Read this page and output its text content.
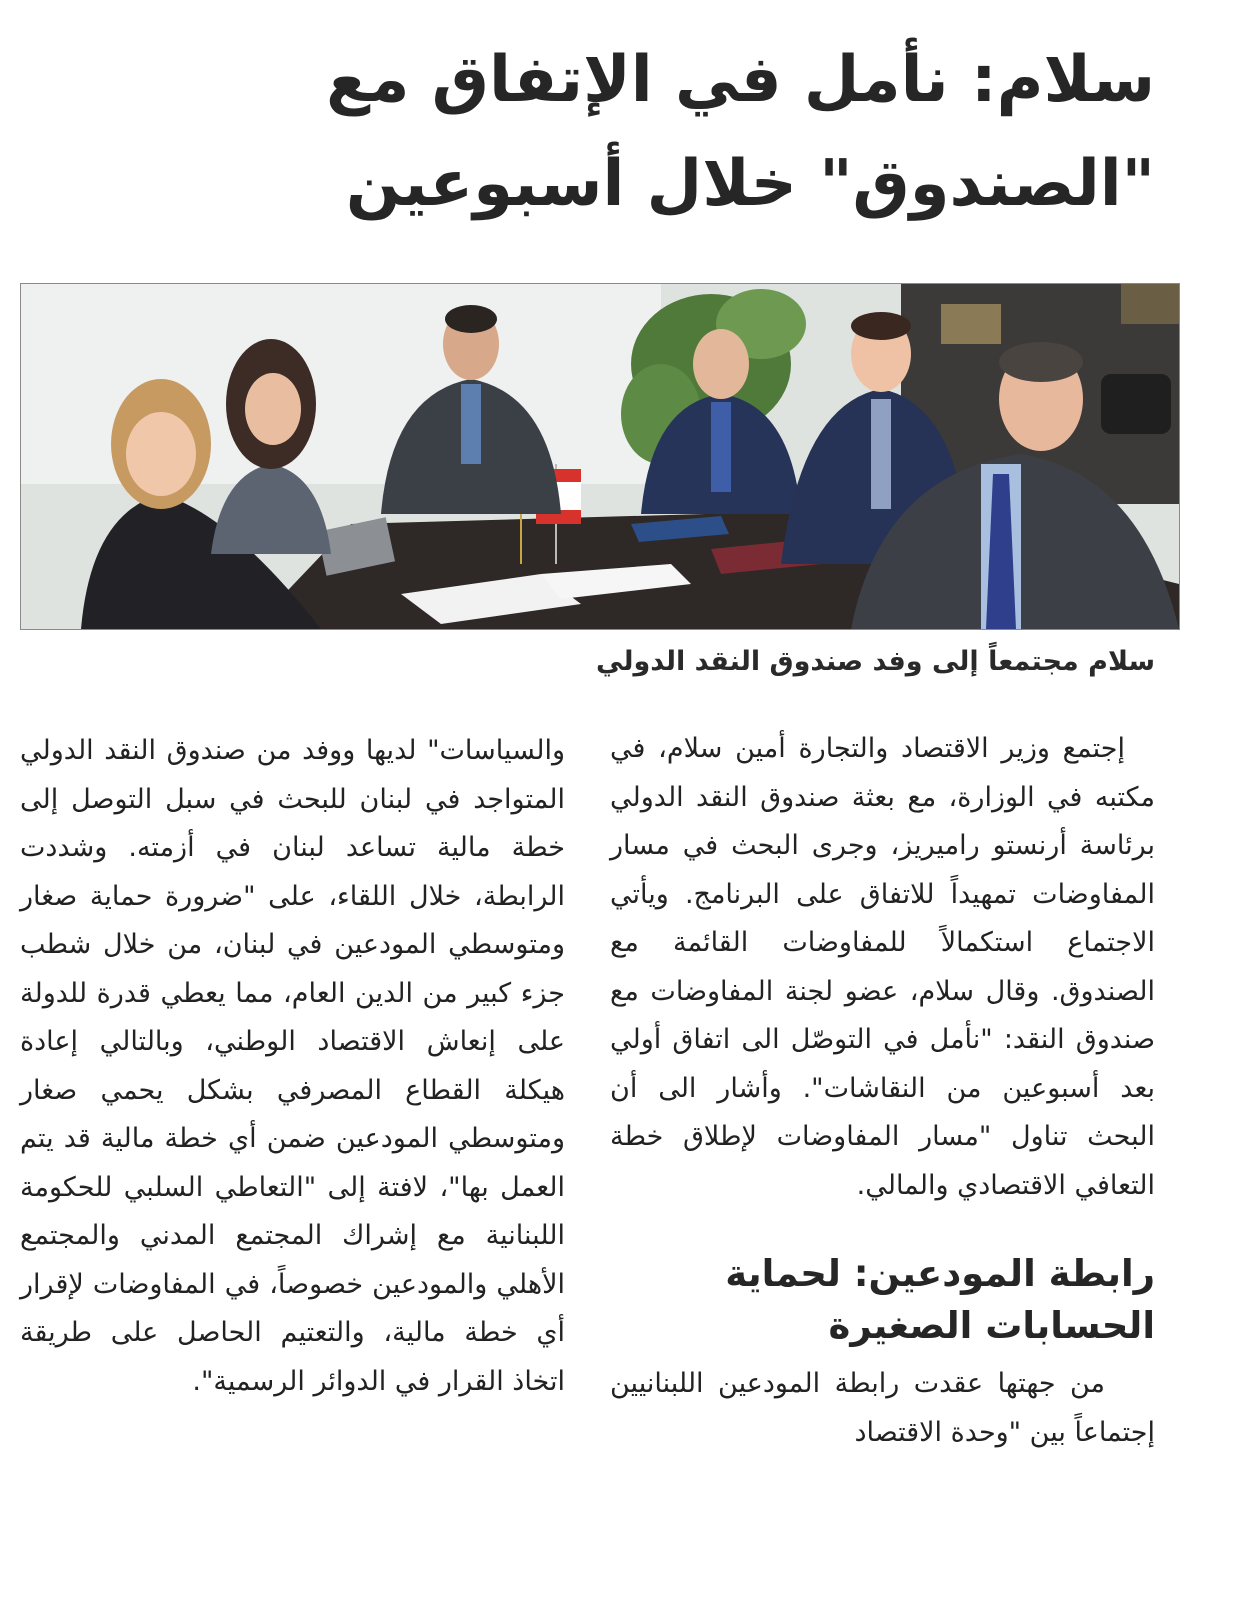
سلام: نأمل في الإتفاق مع "الصندوق" خلال أسبوعين

سلام مجتمعاً إلى وفد صندوق النقد الدولي

إجتمع وزير الاقتصاد والتجارة أمين سلام، في مكتبه في الوزارة، مع بعثة صندوق النقد الدولي برئاسة أرنستو راميريز، وجرى البحث في مسار المفاوضات تمهيداً للاتفاق على البرنامج. ويأتي الاجتماع استكمالاً للمفاوضات القائمة مع الصندوق. وقال سلام، عضو لجنة المفاوضات مع صندوق النقد: "نأمل في التوصّل الى اتفاق أولي بعد أسبوعين من النقاشات". وأشار الى أن البحث تناول "مسار المفاوضات لإطلاق خطة التعافي الاقتصادي والمالي.

رابطة المودعين: لحماية الحسابات الصغيرة

من جهتها عقدت رابطة المودعين اللبنانيين إجتماعاً بين "وحدة الاقتصاد

والسياسات" لديها ووفد من صندوق النقد الدولي المتواجد في لبنان للبحث في سبل التوصل إلى خطة مالية تساعد لبنان في أزمته. وشددت الرابطة، خلال اللقاء، على "ضرورة حماية صغار ومتوسطي المودعين في لبنان، من خلال شطب جزء كبير من الدين العام، مما يعطي قدرة للدولة على إنعاش الاقتصاد الوطني، وبالتالي إعادة هيكلة القطاع المصرفي بشكل يحمي صغار ومتوسطي المودعين ضمن أي خطة مالية قد يتم العمل بها"، لافتة إلى "التعاطي السلبي للحكومة اللبنانية مع إشراك المجتمع المدني والمجتمع الأهلي والمودعين خصوصاً، في المفاوضات لإقرار أي خطة مالية، والتعتيم الحاصل على طريقة اتخاذ القرار في الدوائر الرسمية".
